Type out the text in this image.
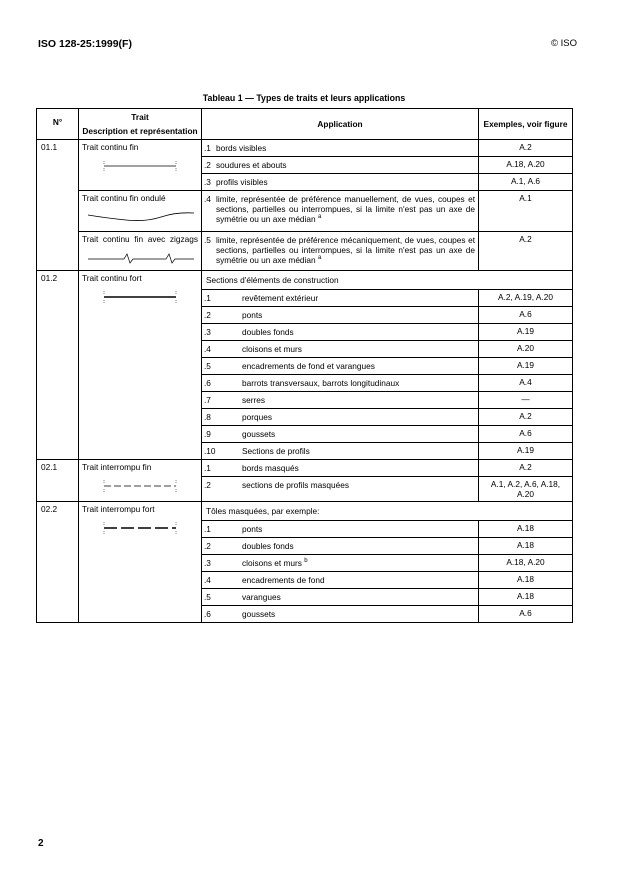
ISO 128-25:1999(F)	© ISO
Tableau 1 — Types de traits et leurs applications
N°	Trait	Application	Exemples, voir figure
	Description et représentation		
01.1	Trait continu fin	.1 bords visibles	A.2

		.2 soudures et abouts	A.18, A.20

		.3 profils visibles	A.1, A.6
	Trait continu fin ondulé	.4 limite, représentée de préférence manuellement, de vues, coupes et sections, partielles ou interrompues, si la limite n'est pas un axe de symétrie ou un axe médian $^a$	A.1

	Trait continu fin avec zigzags	.5 limite, représentée de préférence mécaniquement, de vues, coupes et sections, partielles ou interrompues, si la limite n'est pas un axe de symétrie ou un axe médian $^a$	A.2
01.2	Trait continu fort	Sections d'éléments de construction	

		.1 revêtement extérieur	A.2, A.19, A.20

		.2 ponts	A.6

		.3 doubles fonds	A.19

		.4 cloisons et murs	A.20

		.5 encadrements de fond et varangues	A.19

		.6 barrots transversaux, barrots longitudinaux	A.4

		.7 serres	—

		.8 porques	A.2

		.9 goussets	A.6

		.10 Sections de profils	A.19
02.1	Trait interrompu fin	.1 bords masqués	A.2

		.2 sections de profils masquées	A.1, A.2, A.6, A.18, A.20
02.2	Trait interrompu fort	Tôles masquées, par exemple:	

		.1 ponts	A.18

		.2 doubles fonds	A.18

		.3 cloisons et murs $^b$	A.18, A.20

		.4 encadrements de fond	A.18

		.5 varangues	A.18

		.6 goussets	A.6
2
